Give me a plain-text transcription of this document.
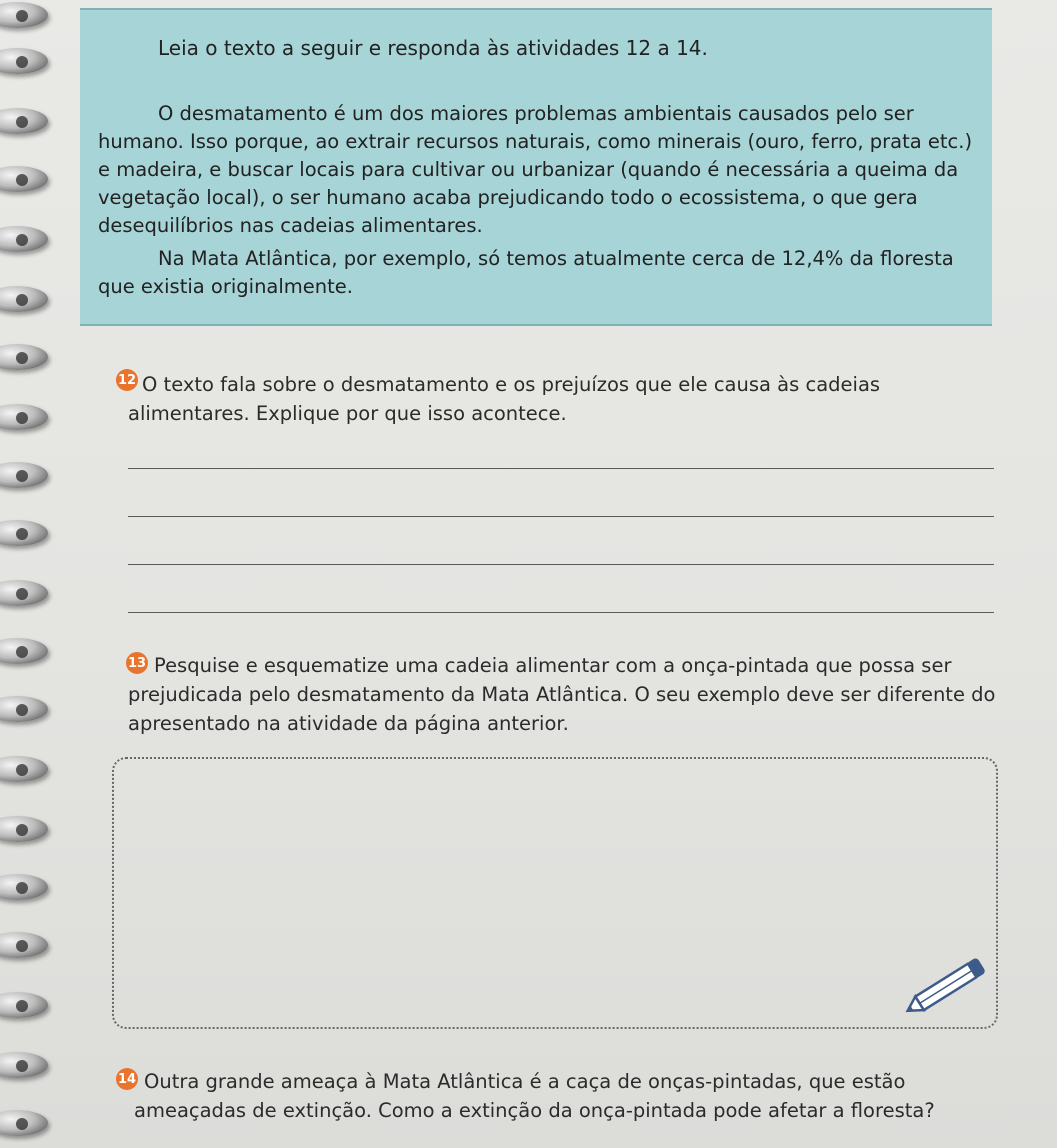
Leia o texto a seguir e responda às atividades 12 a 14.

O desmatamento é um dos maiores problemas ambientais causados pelo ser humano. Isso porque, ao extrair recursos naturais, como minerais (ouro, ferro, prata etc.) e madeira, e buscar locais para cultivar ou urbanizar (quando é necessária a queima da vegetação local), o ser humano acaba prejudicando todo o ecossistema, o que gera desequilíbrios nas cadeias alimentares.

Na Mata Atlântica, por exemplo, só temos atualmente cerca de 12,4% da floresta que existia originalmente.

12 O texto fala sobre o desmatamento e os prejuízos que ele causa às cadeias alimentares. Explique por que isso acontece.

13 Pesquise e esquematize uma cadeia alimentar com a onça-pintada que possa ser prejudicada pelo desmatamento da Mata Atlântica. O seu exemplo deve ser diferente do apresentado na atividade da página anterior.

14 Outra grande ameaça à Mata Atlântica é a caça de onças-pintadas, que estão ameaçadas de extinção. Como a extinção da onça-pintada pode afetar a floresta?
